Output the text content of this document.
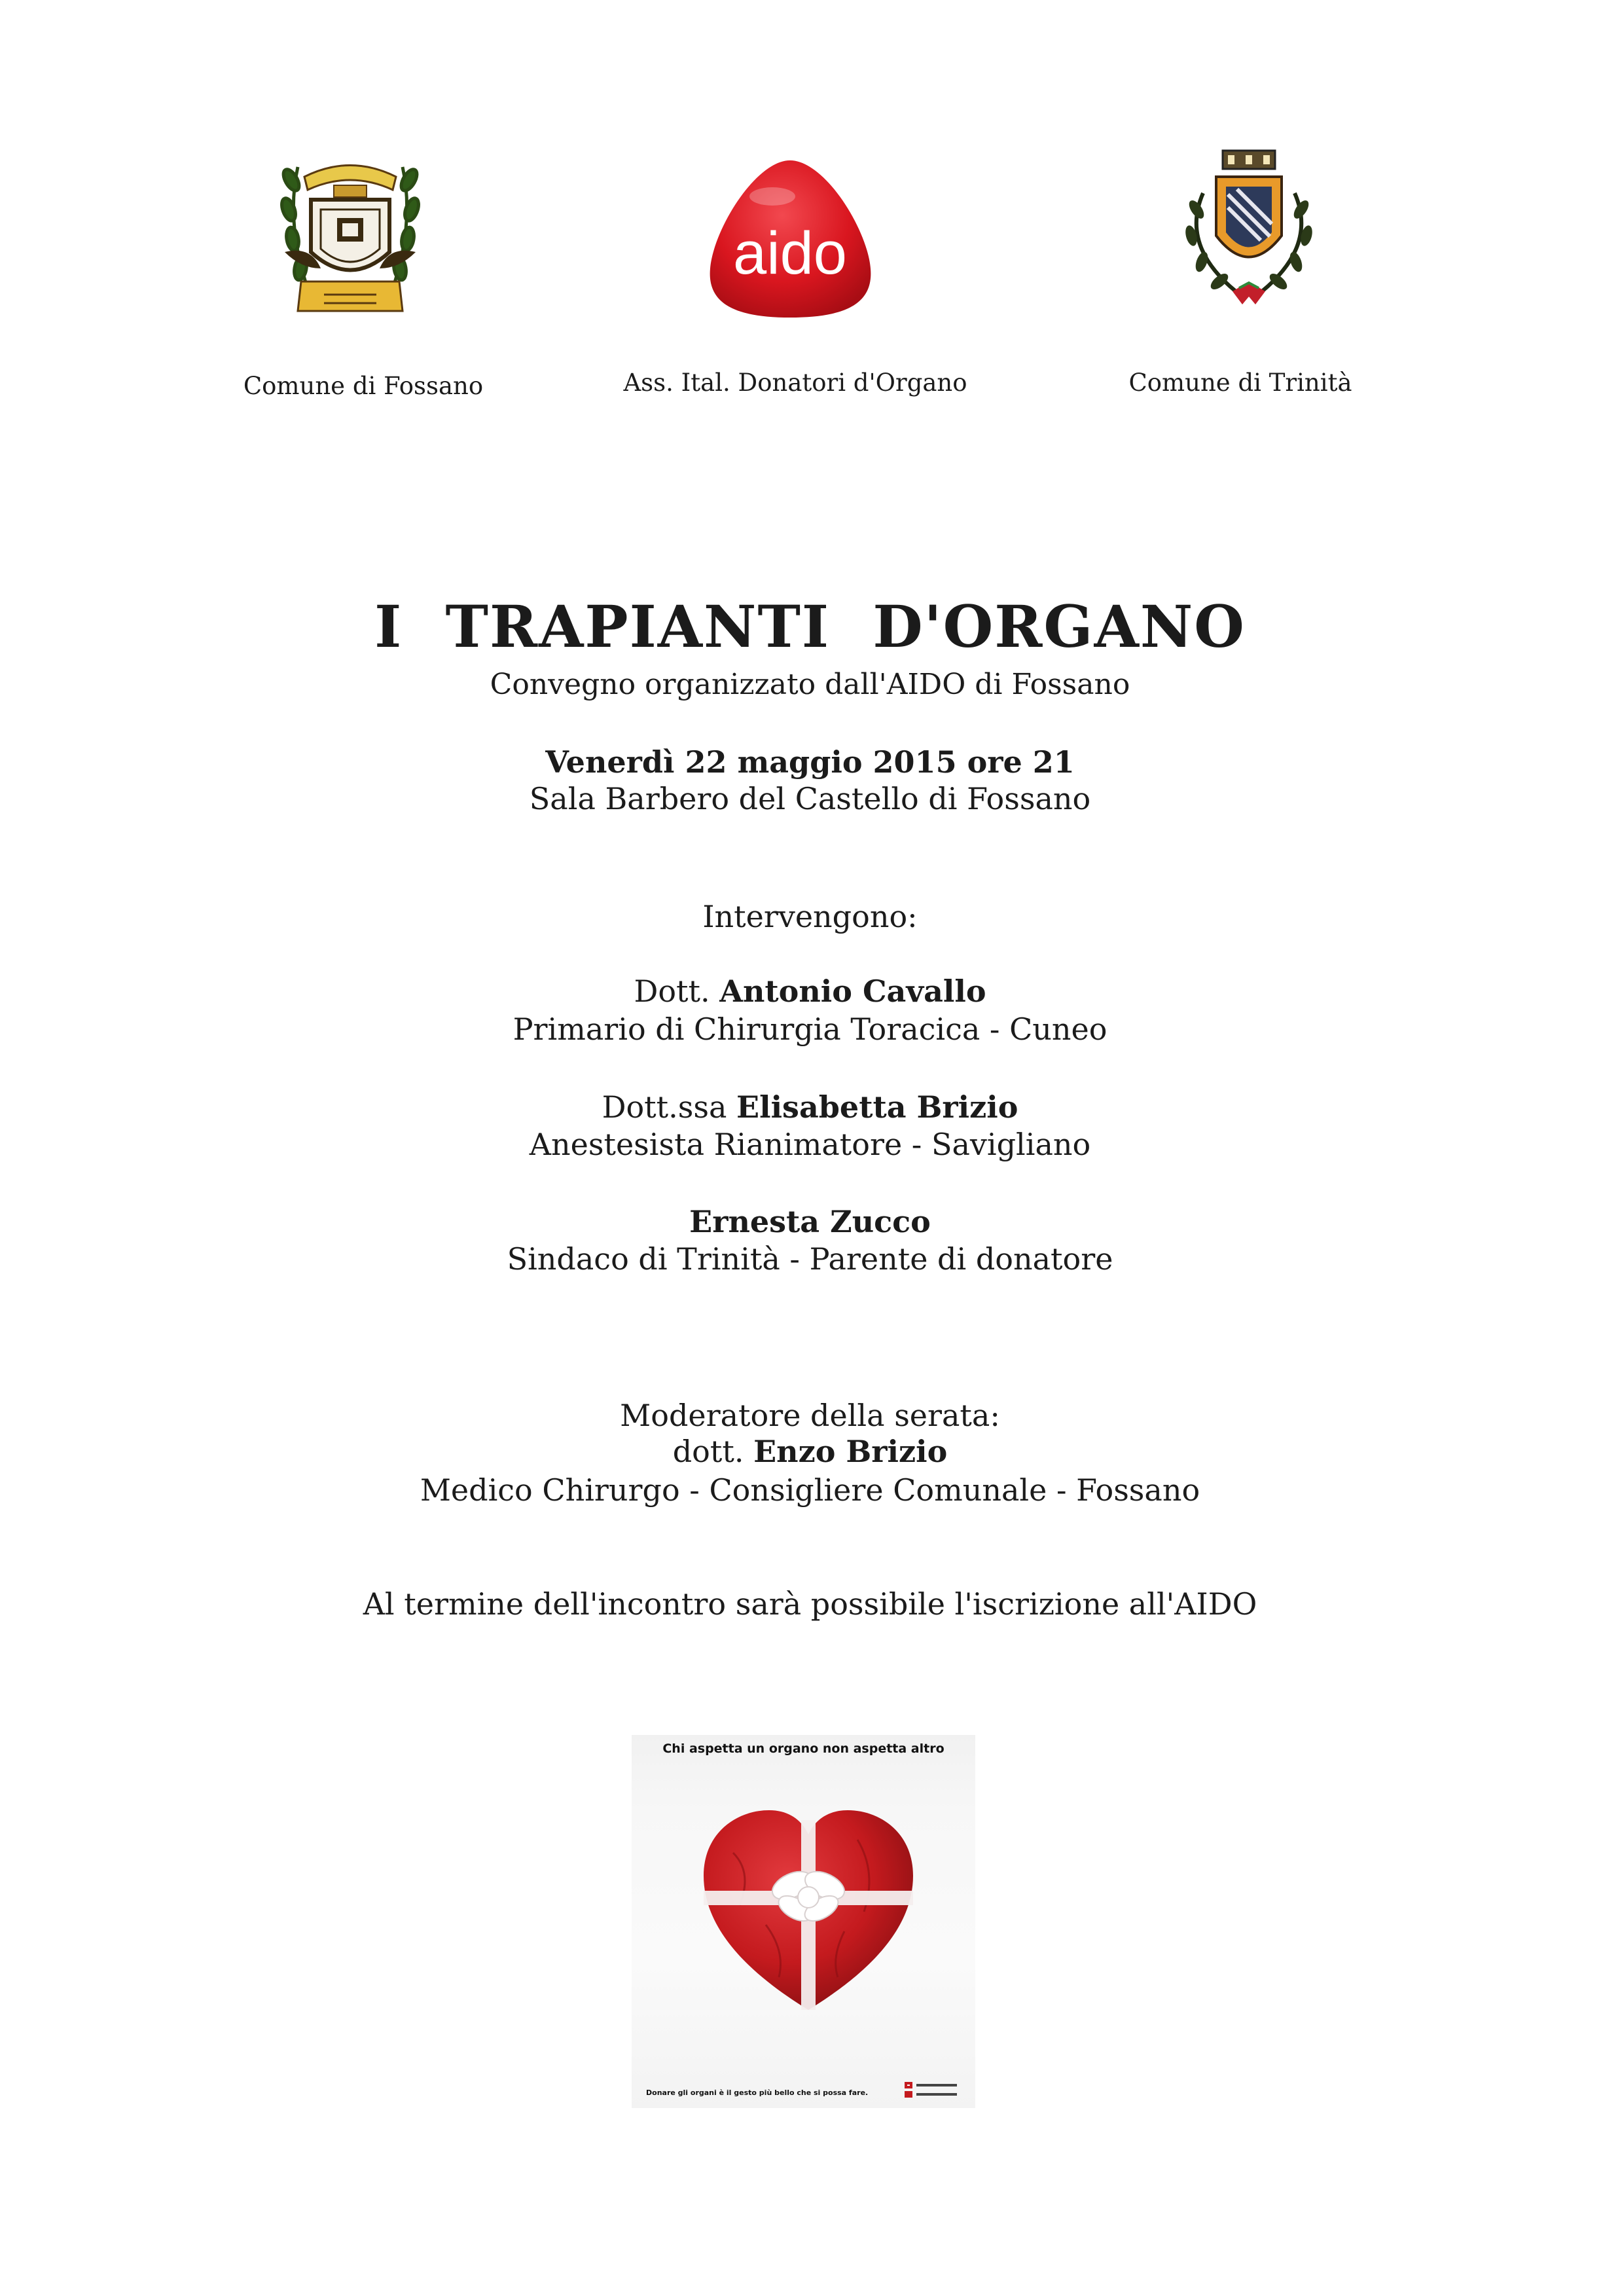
aido
Comune di Fossano	Ass. Ital. Donatori d'Organo	Comune di Trinità
I  TRAPIANTI  D'ORGANO
Convegno organizzato dall'AIDO di Fossano
Venerdì 22 maggio 2015 ore 21
Sala Barbero del Castello di Fossano
Intervengono:
Dott. Antonio Cavallo
Primario di Chirurgia Toracica - Cuneo
Dott.ssa Elisabetta Brizio
Anestesista Rianimatore - Savigliano
Ernesta Zucco
Sindaco di Trinità - Parente di donatore
Moderatore della serata:
dott. Enzo Brizio
Medico Chirurgo - Consigliere Comunale - Fossano
Al termine dell'incontro sarà possibile l'iscrizione all'AIDO
Chi aspetta un organo non aspetta altro
Donare gli organi è il gesto più bello che si possa fare.
